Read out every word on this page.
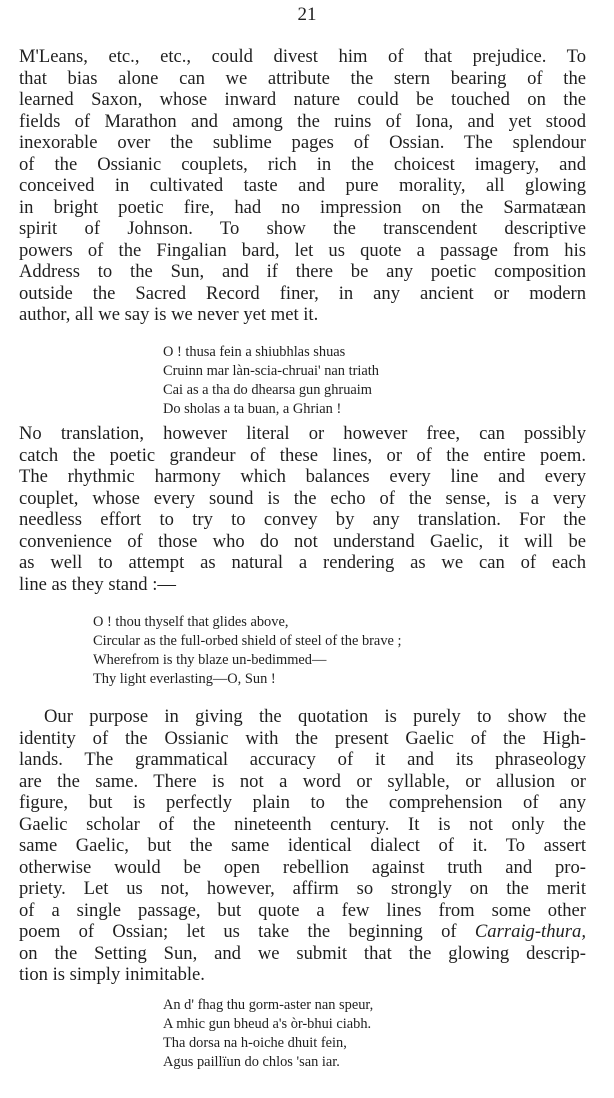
21
M'Leans, etc., etc., could divest him of that prejudice. To
that bias alone can we attribute the stern bearing of the
learned Saxon, whose inward nature could be touched on the
fields of Marathon and among the ruins of Iona, and yet stood
inexorable over the sublime pages of Ossian. The splendour
of the Ossianic couplets, rich in the choicest imagery, and
conceived in cultivated taste and pure morality, all glowing
in bright poetic fire, had no impression on the Sarmatæan
spirit of Johnson. To show the transcendent descriptive
powers of the Fingalian bard, let us quote a passage from his
Address to the Sun, and if there be any poetic composition
outside the Sacred Record finer, in any ancient or modern
author, all we say is we never yet met it.
O ! thusa fein a shiubhlas shuas
Cruinn mar làn-scia-chruai' nan triath
Cai as a tha do dhearsa gun ghruaim
Do sholas a ta buan, a Ghrian !
No translation, however literal or however free, can possibly
catch the poetic grandeur of these lines, or of the entire poem.
The rhythmic harmony which balances every line and every
couplet, whose every sound is the echo of the sense, is a very
needless effort to try to convey by any translation. For the
convenience of those who do not understand Gaelic, it will be
as well to attempt as natural a rendering as we can of each
line as they stand :—
O ! thou thyself that glides above,
Circular as the full-orbed shield of steel of the brave ;
Wherefrom is thy blaze un-bedimmed—
Thy light everlasting—O, Sun !
Our purpose in giving the quotation is purely to show the
identity of the Ossianic with the present Gaelic of the High-
lands. The grammatical accuracy of it and its phraseology
are the same. There is not a word or syllable, or allusion or
figure, but is perfectly plain to the comprehension of any
Gaelic scholar of the nineteenth century. It is not only the
same Gaelic, but the same identical dialect of it. To assert
otherwise would be open rebellion against truth and pro-
priety. Let us not, however, affirm so strongly on the merit
of a single passage, but quote a few lines from some other
poem of Ossian; let us take the beginning of Carraig-thura,
on the Setting Sun, and we submit that the glowing descrip-
tion is simply inimitable.
An d' fhag thu gorm-aster nan speur,
A mhic gun bheud a's òr-bhui ciabh.
Tha dorsa na h-oiche dhuit fein,
Agus paillïun do chlos 'san iar.
